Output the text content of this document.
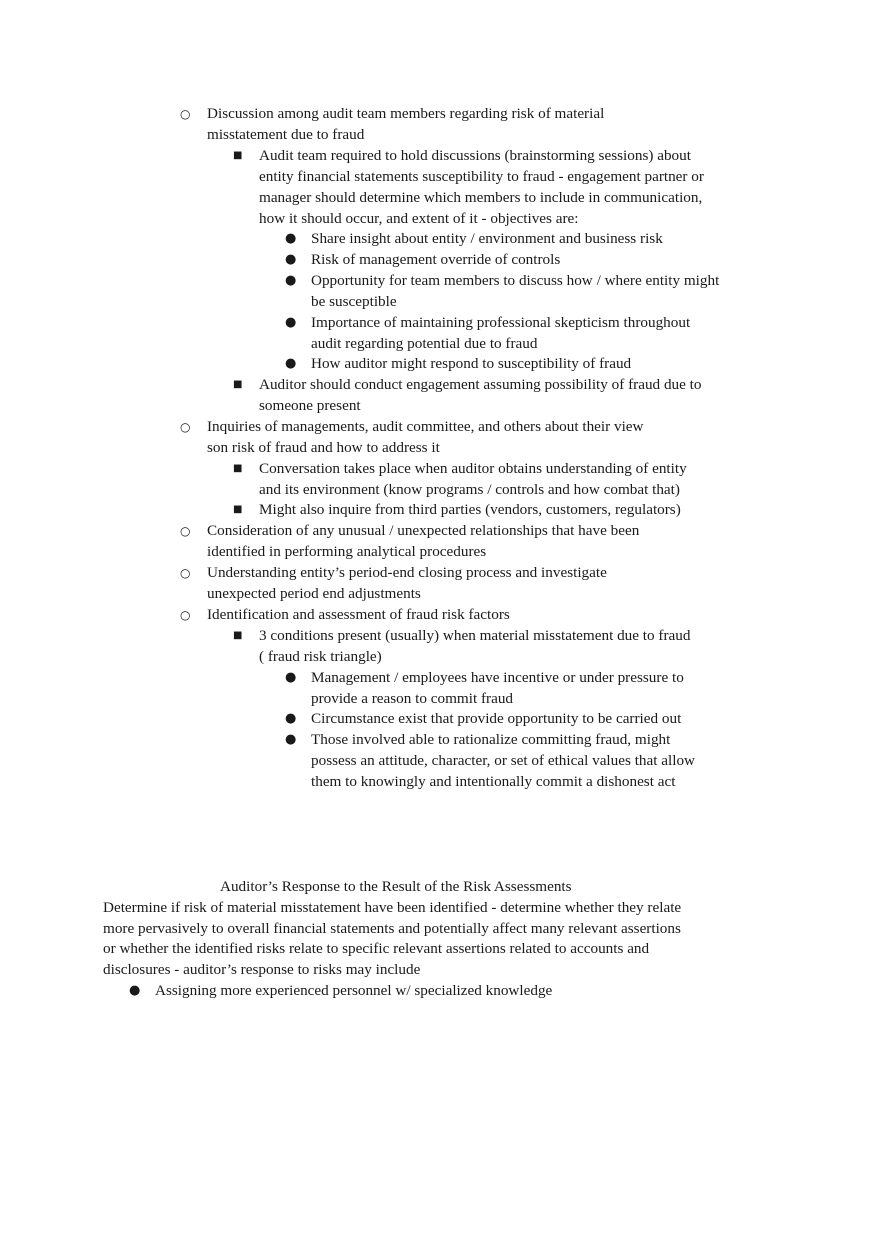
○ Discussion among audit team members regarding risk of material
misstatement due to fraud
■ Audit team required to hold discussions (brainstorming sessions) about
entity financial statements susceptibility to fraud - engagement partner or
manager should determine which members to include in communication,
how it should occur, and extent of it - objectives are:
● Share insight about entity / environment and business risk
● Risk of management override of controls
● Opportunity for team members to discuss how / where entity might
be susceptible
● Importance of maintaining professional skepticism throughout
audit regarding potential due to fraud
● How auditor might respond to susceptibility of fraud
■ Auditor should conduct engagement assuming possibility of fraud due to
someone present
○ Inquiries of managements, audit committee, and others about their view
son risk of fraud and how to address it
■ Conversation takes place when auditor obtains understanding of entity
and its environment (know programs / controls and how combat that)
■ Might also inquire from third parties (vendors, customers, regulators)
○ Consideration of any unusual / unexpected relationships that have been
identified in performing analytical procedures
○ Understanding entity’s period-end closing process and investigate
unexpected period end adjustments
○ Identification and assessment of fraud risk factors
■ 3 conditions present (usually) when material misstatement due to fraud
( fraud risk triangle)
● Management / employees have incentive or under pressure to
provide a reason to commit fraud
● Circumstance exist that provide opportunity to be carried out
● Those involved able to rationalize committing fraud, might
possess an attitude, character, or set of ethical values that allow
them to knowingly and intentionally commit a dishonest act
Auditor’s Response to the Result of the Risk Assessments
Determine if risk of material misstatement have been identified - determine whether they relate
more pervasively to overall financial statements and potentially affect many relevant assertions
or whether the identified risks relate to specific relevant assertions related to accounts and
disclosures - auditor’s response to risks may include
● Assigning more experienced personnel w/ specialized knowledge
